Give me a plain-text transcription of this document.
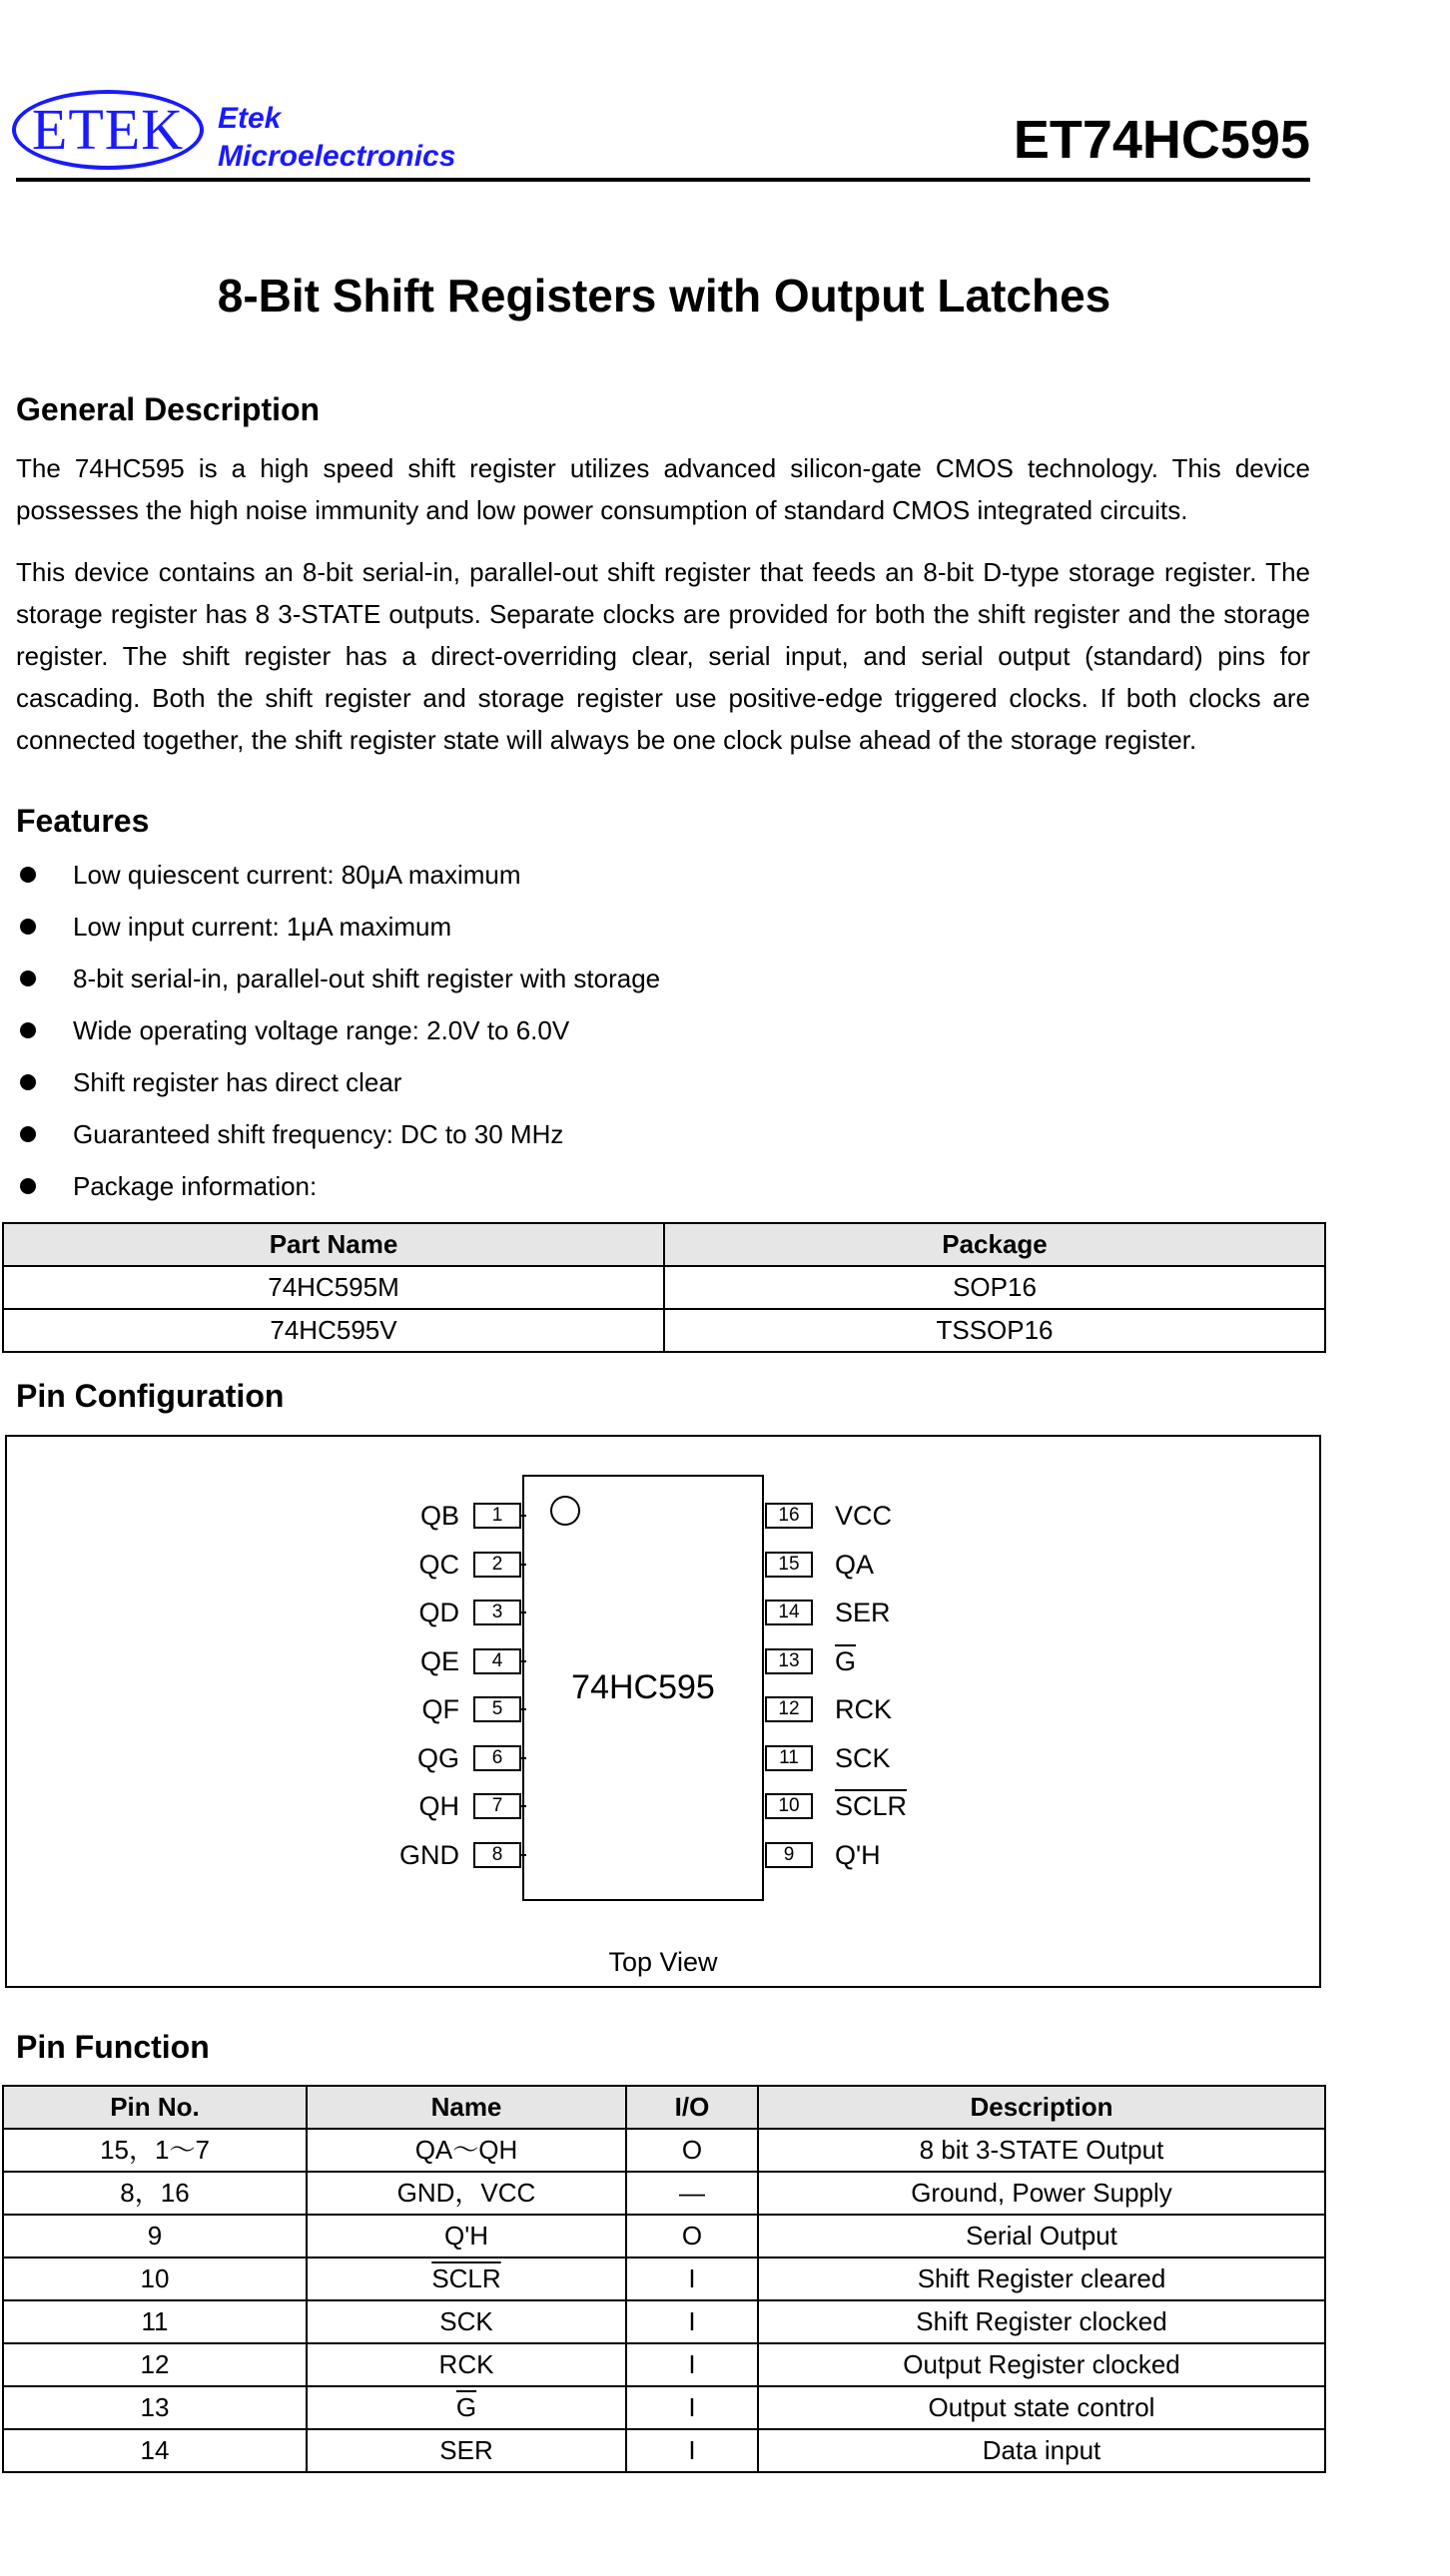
ETEK	Etek
Microelectronics	ET74HC595
8-Bit Shift Registers with Output Latches
General Description
The 74HC595 is a high speed shift register utilizes advanced silicon-gate CMOS technology. This device possesses the high noise immunity and low power consumption of standard CMOS integrated circuits.
This device contains an 8-bit serial-in, parallel-out shift register that feeds an 8-bit D-type storage register. The storage register has 8 3-STATE outputs. Separate clocks are provided for both the shift register and the storage register. The shift register has a direct-overriding clear, serial input, and serial output (standard) pins for cascading. Both the shift register and storage register use positive-edge triggered clocks. If both clocks are connected together, the shift register state will always be one clock pulse ahead of the storage register.
Features
Low quiescent current: 80μA maximum
Low input current: 1μA maximum
8-bit serial-in, parallel-out shift register with storage
Wide operating voltage range: 2.0V to 6.0V
Shift register has direct clear
Guaranteed shift frequency: DC to 30 MHz
Package information:
Part Name	Package
74HC595M	SOP16
74HC595V	TSSOP16
Pin Configuration
74HC595
1
QB
2
QC
3
QD
4
QE
5
QF
6
QG
7
QH
8
GND
16	VCC
15	QA
14	SER
13	$\overline{G}$
12	RCK
11	SCK
10	SCLR
9	Q'H
Top View
Pin Function
Pin No.	Name	I/O	Description
15，1～7	QA～QH	O	8 bit 3-STATE Output
8，16	GND，VCC	—	Ground, Power Supply
9	Q'H	O	Serial Output
10	SCLR	I	Shift Register cleared
11	SCK	I	Shift Register clocked
12	RCK	I	Output Register clocked
13	$\overline{G}$	I	Output state control
14	SER	I	Data input
